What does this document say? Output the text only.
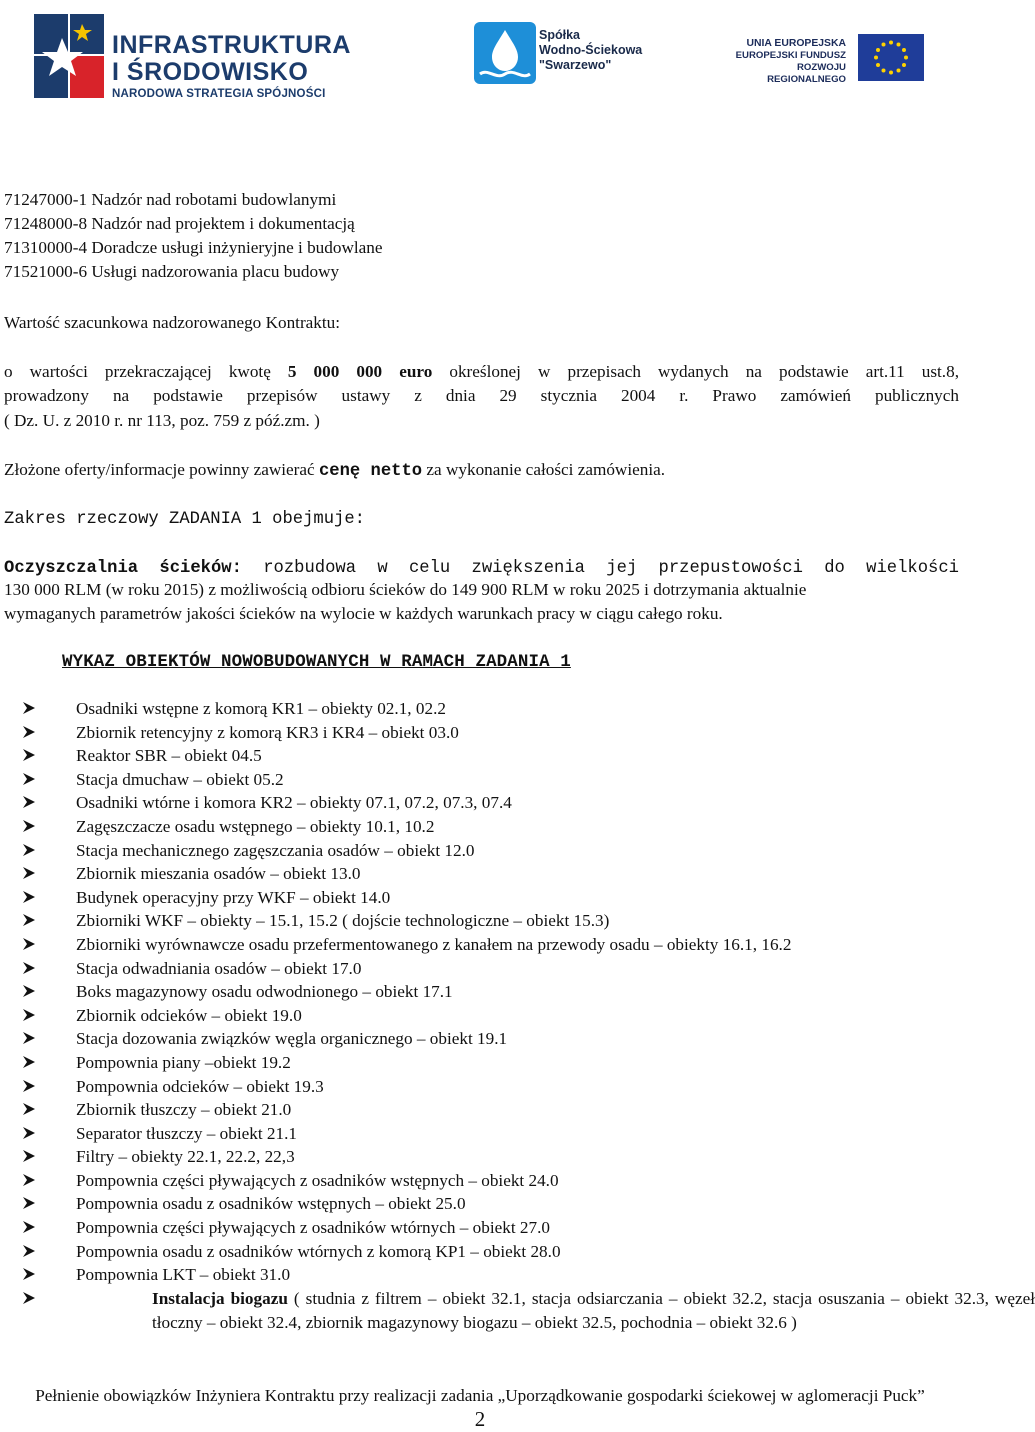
INFRASTRUKTURA
I ŚRODOWISKO
NARODOWA STRATEGIA SPÓJNOŚCI
Spółka
Wodno-Ściekowa
"Swarzewo"
UNIA EUROPEJSKA
EUROPEJSKI FUNDUSZ
ROZWOJU REGIONALNEGO
71247000-1 Nadzór nad robotami budowlanymi
71248000-8 Nadzór nad projektem i dokumentacją
71310000-4 Doradcze usługi inżynieryjne i budowlane
71521000-6 Usługi nadzorowania placu budowy
Wartość szacunkowa nadzorowanego Kontraktu:
o wartości przekraczającej kwotę 5 000 000 euro określonej w przepisach wydanych na podstawie art.11 ust.8,
prowadzony na podstawie przepisów ustawy z dnia 29 stycznia 2004 r. Prawo zamówień publicznych
( Dz. U. z 2010 r. nr 113, poz. 759 z póź.zm. )
Złożone oferty/informacje powinny zawierać cenę netto za wykonanie całości zamówienia.
Zakres rzeczowy ZADANIA 1 obejmuje:
Oczyszczalnia ścieków: rozbudowa w celu zwiększenia jej przepustowości do wielkości
130 000 RLM (w roku 2015) z możliwością odbioru ścieków do 149 900 RLM w roku 2025 i dotrzymania aktualnie
wymaganych parametrów jakości ścieków na wylocie w każdych warunkach pracy w ciągu całego roku.
WYKAZ OBIEKTÓW NOWOBUDOWANYCH W RAMACH ZADANIA 1
Osadniki wstępne z komorą KR1 – obiekty 02.1, 02.2
Zbiornik retencyjny z komorą KR3 i KR4 – obiekt 03.0
Reaktor SBR – obiekt 04.5
Stacja dmuchaw – obiekt 05.2
Osadniki wtórne i komora KR2 – obiekty 07.1, 07.2, 07.3, 07.4
Zagęszczacze osadu wstępnego – obiekty 10.1, 10.2
Stacja mechanicznego zagęszczania osadów – obiekt 12.0
Zbiornik mieszania osadów – obiekt 13.0
Budynek operacyjny przy WKF – obiekt 14.0
Zbiorniki WKF – obiekty – 15.1, 15.2 ( dojście technologiczne – obiekt 15.3)
Zbiorniki wyrównawcze osadu przefermentowanego z kanałem na przewody osadu – obiekty 16.1, 16.2
Stacja odwadniania osadów – obiekt 17.0
Boks magazynowy osadu odwodnionego – obiekt 17.1
Zbiornik odcieków – obiekt 19.0
Stacja dozowania związków węgla organicznego – obiekt 19.1
Pompownia piany –obiekt 19.2
Pompownia odcieków – obiekt 19.3
Zbiornik tłuszczy – obiekt 21.0
Separator tłuszczy – obiekt 21.1
Filtry – obiekty 22.1, 22.2, 22,3
Pompownia części pływających z osadników wstępnych – obiekt 24.0
Pompownia osadu z osadników wstępnych – obiekt 25.0
Pompownia części pływających z osadników wtórnych – obiekt 27.0
Pompownia osadu z osadników wtórnych z komorą KP1 – obiekt 28.0
Pompownia LKT – obiekt 31.0
Instalacja biogazu ( studnia z filtrem – obiekt 32.1, stacja odsiarczania – obiekt 32.2, stacja osuszania – obiekt 32.3, węzeł tłoczny – obiekt 32.4, zbiornik magazynowy biogazu – obiekt 32.5, pochodnia – obiekt 32.6 )
Pełnienie obowiązków Inżyniera Kontraktu przy realizacji zadania „Uporządkowanie gospodarki ściekowej w aglomeracji Puck”
2
